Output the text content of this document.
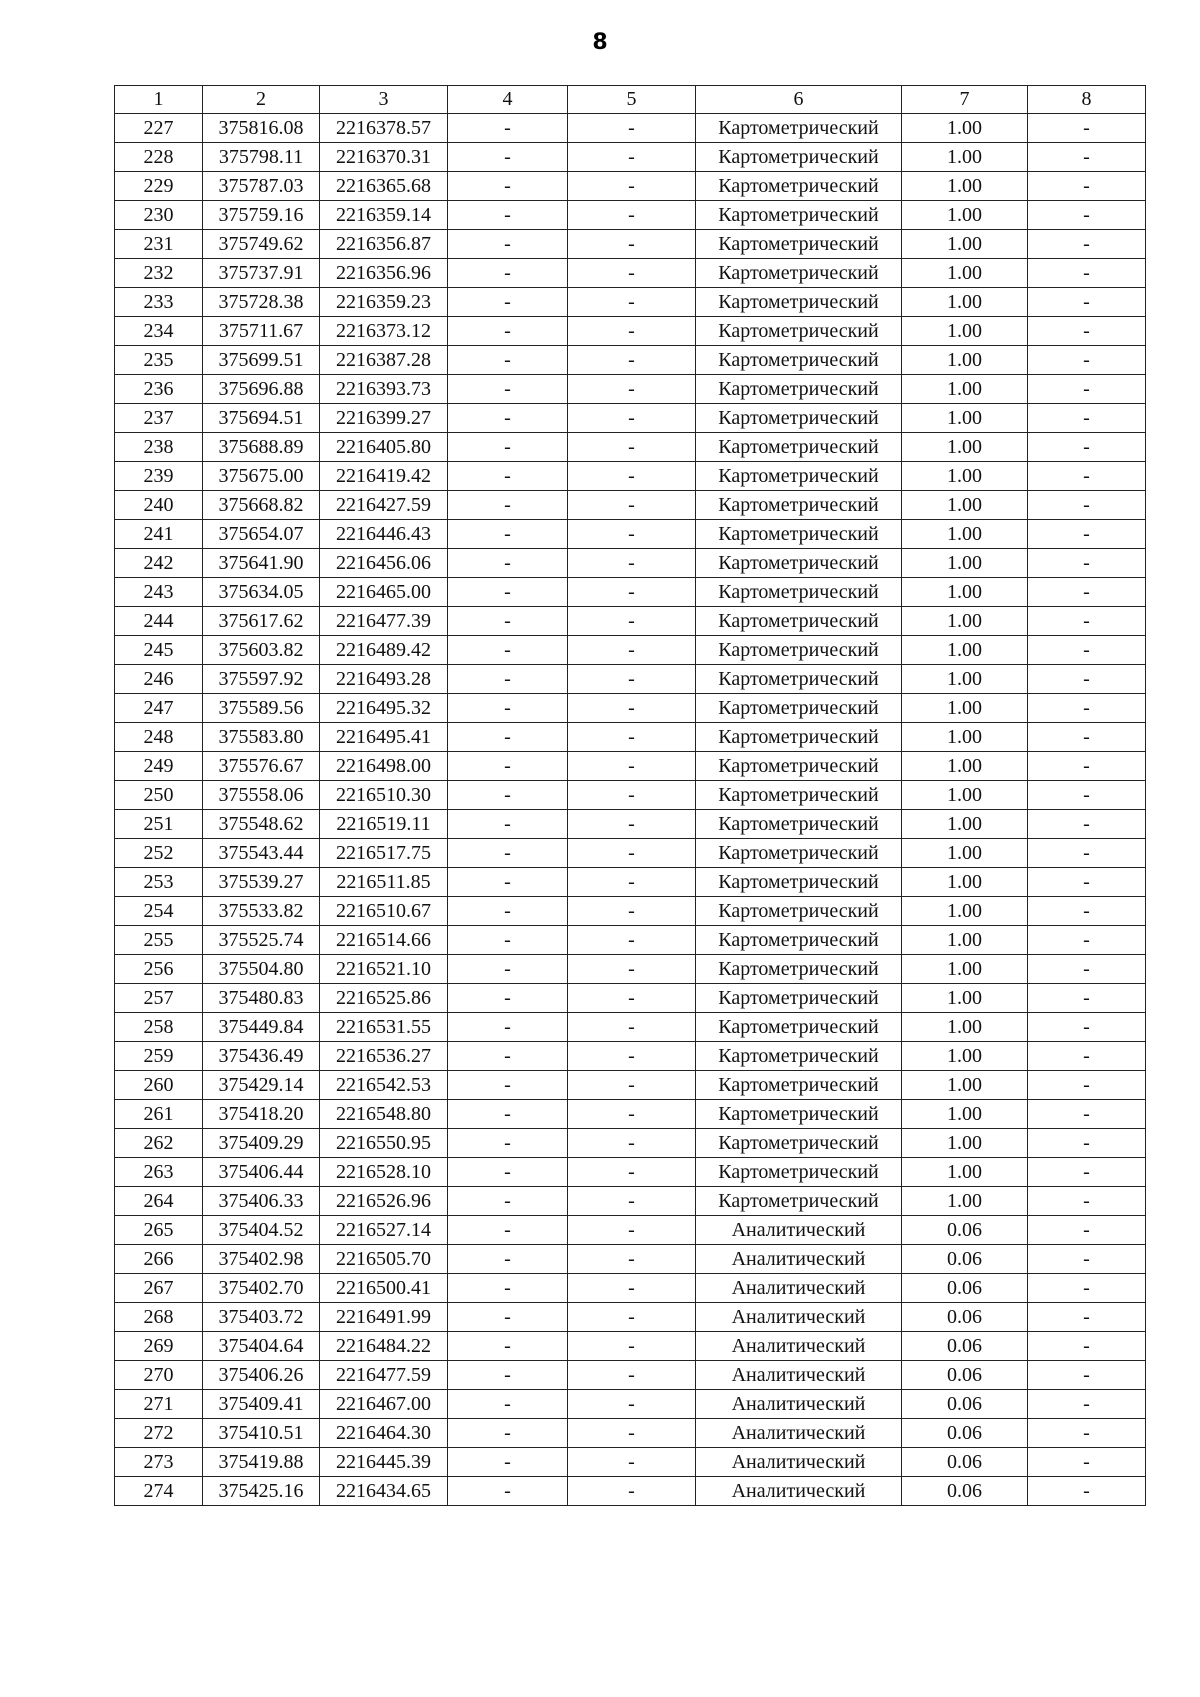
8
1	2	3	4	5	6	7	8
227	375816.08	2216378.57	-	-	Картометрический	1.00	-
228	375798.11	2216370.31	-	-	Картометрический	1.00	-
229	375787.03	2216365.68	-	-	Картометрический	1.00	-
230	375759.16	2216359.14	-	-	Картометрический	1.00	-
231	375749.62	2216356.87	-	-	Картометрический	1.00	-
232	375737.91	2216356.96	-	-	Картометрический	1.00	-
233	375728.38	2216359.23	-	-	Картометрический	1.00	-
234	375711.67	2216373.12	-	-	Картометрический	1.00	-
235	375699.51	2216387.28	-	-	Картометрический	1.00	-
236	375696.88	2216393.73	-	-	Картометрический	1.00	-
237	375694.51	2216399.27	-	-	Картометрический	1.00	-
238	375688.89	2216405.80	-	-	Картометрический	1.00	-
239	375675.00	2216419.42	-	-	Картометрический	1.00	-
240	375668.82	2216427.59	-	-	Картометрический	1.00	-
241	375654.07	2216446.43	-	-	Картометрический	1.00	-
242	375641.90	2216456.06	-	-	Картометрический	1.00	-
243	375634.05	2216465.00	-	-	Картометрический	1.00	-
244	375617.62	2216477.39	-	-	Картометрический	1.00	-
245	375603.82	2216489.42	-	-	Картометрический	1.00	-
246	375597.92	2216493.28	-	-	Картометрический	1.00	-
247	375589.56	2216495.32	-	-	Картометрический	1.00	-
248	375583.80	2216495.41	-	-	Картометрический	1.00	-
249	375576.67	2216498.00	-	-	Картометрический	1.00	-
250	375558.06	2216510.30	-	-	Картометрический	1.00	-
251	375548.62	2216519.11	-	-	Картометрический	1.00	-
252	375543.44	2216517.75	-	-	Картометрический	1.00	-
253	375539.27	2216511.85	-	-	Картометрический	1.00	-
254	375533.82	2216510.67	-	-	Картометрический	1.00	-
255	375525.74	2216514.66	-	-	Картометрический	1.00	-
256	375504.80	2216521.10	-	-	Картометрический	1.00	-
257	375480.83	2216525.86	-	-	Картометрический	1.00	-
258	375449.84	2216531.55	-	-	Картометрический	1.00	-
259	375436.49	2216536.27	-	-	Картометрический	1.00	-
260	375429.14	2216542.53	-	-	Картометрический	1.00	-
261	375418.20	2216548.80	-	-	Картометрический	1.00	-
262	375409.29	2216550.95	-	-	Картометрический	1.00	-
263	375406.44	2216528.10	-	-	Картометрический	1.00	-
264	375406.33	2216526.96	-	-	Картометрический	1.00	-
265	375404.52	2216527.14	-	-	Аналитический	0.06	-
266	375402.98	2216505.70	-	-	Аналитический	0.06	-
267	375402.70	2216500.41	-	-	Аналитический	0.06	-
268	375403.72	2216491.99	-	-	Аналитический	0.06	-
269	375404.64	2216484.22	-	-	Аналитический	0.06	-
270	375406.26	2216477.59	-	-	Аналитический	0.06	-
271	375409.41	2216467.00	-	-	Аналитический	0.06	-
272	375410.51	2216464.30	-	-	Аналитический	0.06	-
273	375419.88	2216445.39	-	-	Аналитический	0.06	-
274	375425.16	2216434.65	-	-	Аналитический	0.06	-
